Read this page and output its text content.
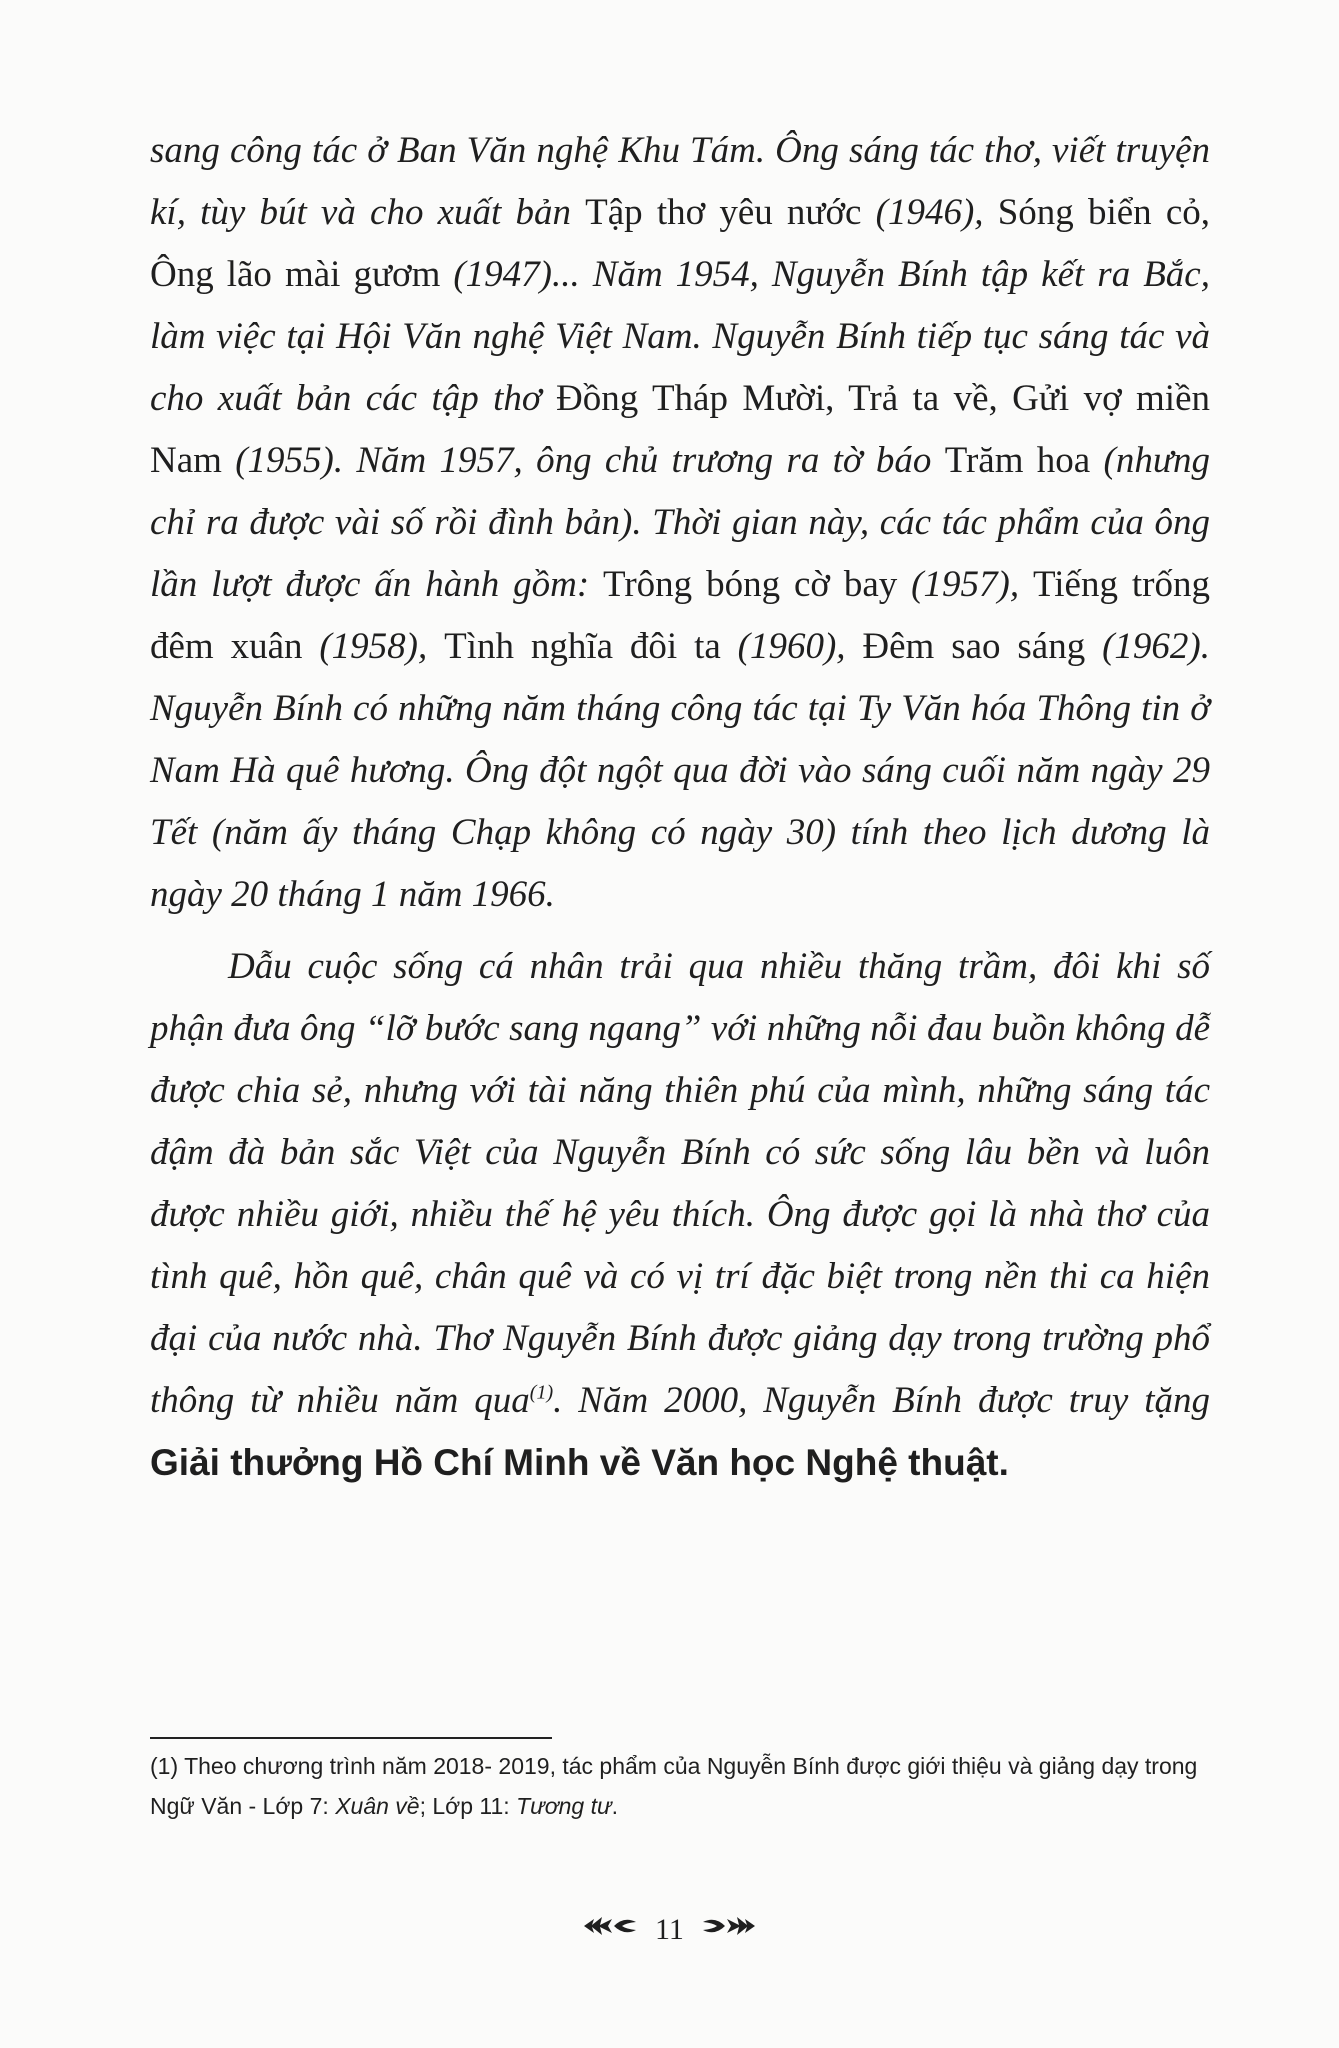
sang công tác ở Ban Văn nghệ Khu Tám. Ông sáng tác thơ, viết truyện kí, tùy bút và cho xuất bản Tập thơ yêu nước (1946), Sóng biển cỏ, Ông lão mài gươm (1947)... Năm 1954, Nguyễn Bính tập kết ra Bắc, làm việc tại Hội Văn nghệ Việt Nam. Nguyễn Bính tiếp tục sáng tác và cho xuất bản các tập thơ Đồng Tháp Mười, Trả ta về, Gửi vợ miền Nam (1955). Năm 1957, ông chủ trương ra tờ báo Trăm hoa (nhưng chỉ ra được vài số rồi đình bản). Thời gian này, các tác phẩm của ông lần lượt được ấn hành gồm: Trông bóng cờ bay (1957), Tiếng trống đêm xuân (1958), Tình nghĩa đôi ta (1960), Đêm sao sáng (1962). Nguyễn Bính có những năm tháng công tác tại Ty Văn hóa Thông tin ở Nam Hà quê hương. Ông đột ngột qua đời vào sáng cuối năm ngày 29 Tết (năm ấy tháng Chạp không có ngày 30) tính theo lịch dương là ngày 20 tháng 1 năm 1966.

Dẫu cuộc sống cá nhân trải qua nhiều thăng trầm, đôi khi số phận đưa ông “lỡ bước sang ngang” với những nỗi đau buồn không dễ được chia sẻ, nhưng với tài năng thiên phú của mình, những sáng tác đậm đà bản sắc Việt của Nguyễn Bính có sức sống lâu bền và luôn được nhiều giới, nhiều thế hệ yêu thích. Ông được gọi là nhà thơ của tình quê, hồn quê, chân quê và có vị trí đặc biệt trong nền thi ca hiện đại của nước nhà. Thơ Nguyễn Bính được giảng dạy trong trường phổ thông từ nhiều năm qua$^{(1)}$. Năm 2000, Nguyễn Bính được truy tặng Giải thưởng Hồ Chí Minh về Văn học Nghệ thuật.

(1) Theo chương trình năm 2018- 2019, tác phẩm của Nguyễn Bính được giới thiệu và giảng dạy trong Ngữ Văn - Lớp 7: Xuân về; Lớp 11: Tương tư.

11
